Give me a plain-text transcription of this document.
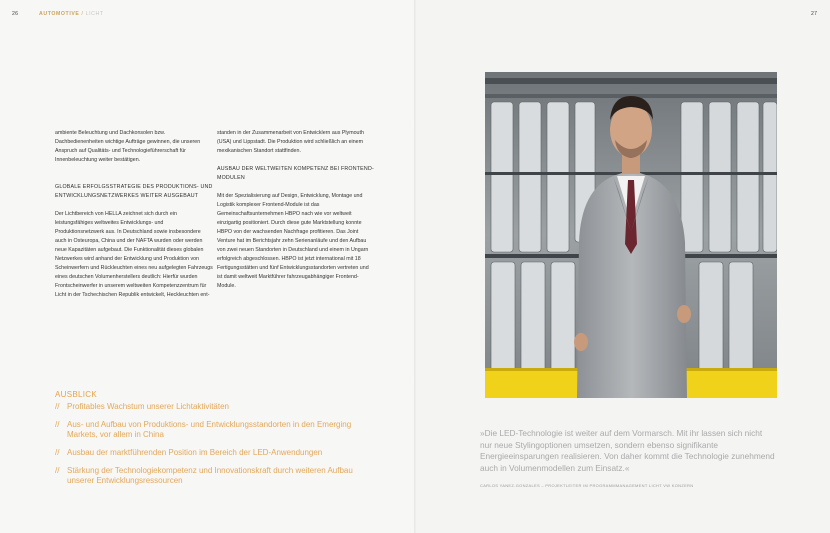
26	AUTOMOTIVE / LICHT	27

ambiente Beleuchtung und Dachkonsolen bzw. Dachbedienenheiten wichtige Aufträge gewinnen, die unseren Anspruch auf Qualitäts- und Technologieführerschaft für Innenbeleuchtung weiter bestätigen.

GLOBALE ERFOLGSSTRATEGIE DES PRODUKTIONS- UND ENTWICKLUNGSNETZWERKES WEITER AUSGEBAUT

Der Lichtbereich von HELLA zeichnet sich durch ein leistungsfähiges weltweites Entwicklungs- und Produktionsnetzwerk aus. In Deutschland sowie insbesondere auch in Osteuropa, China und der NAFTA wurden oder werden neue Kapazitäten aufgebaut. Die Funktionalität dieses globalen Netzwerkes wird anhand der Entwicklung und Produktion von Scheinwerfern und Rückleuchten eines neu aufgelegten Fahrzeugs eines deutschen Volumenherstellers deutlich: Hierfür wurden Frontscheinwerfer in unserem weltweiten Kompetenzzentrum für Licht in der Tschechischen Republik entwickelt, Heckleuchten ent-

standen in der Zusammenarbeit von Entwicklern aus Plymouth (USA) und Lippstadt. Die Produktion wird schließlich an einem mexikanischen Standort stattfinden.

AUSBAU DER WELTWEITEN KOMPETENZ BEI FRONTEND-MODULEN

Mit der Spezialisierung auf Design, Entwicklung, Montage und Logistik komplexer Frontend-Module ist das Gemeinschaftsunternehmen HBPO nach wie vor weltweit einzigartig positioniert. Durch diese gute Marktstellung konnte HBPO von der wachsenden Nachfrage profitieren. Das Joint Venture hat im Berichtsjahr zehn Serienanläufe und den Aufbau von zwei neuen Standorten in Deutschland und einem in Ungarn erfolgreich abgeschlossen. HBPO ist jetzt international mit 18 Fertigungsstätten und fünf Entwicklungsstandorten vertreten und ist damit weltweit Marktführer fahrzeugabhängiger Frontend-Module.

AUSBLICK
// Profitables Wachstum unserer Lichtaktivitäten
// Aus- und Aufbau von Produktions- und Entwicklungsstandorten in den Emerging Markets, vor allem in China
// Ausbau der marktführenden Position im Bereich der LED-Anwendungen
// Stärkung der Technologiekompetenz und Innovationskraft durch weiteren Aufbau unserer Entwicklungsressourcen

»Die LED-Technologie ist weiter auf dem Vormarsch. Mit ihr lassen sich nicht nur neue Stylingoptionen umsetzen, sondern ebenso signifikante Energieeinsparungen realisieren. Von daher kommt die Technologie zunehmend auch in Volumenmodellen zum Einsatz.«

CARLOS YANEZ-GONZALES – PROJEKTLEITER IM PROGRAMMMANAGEMENT LICHT VW KONZERN
